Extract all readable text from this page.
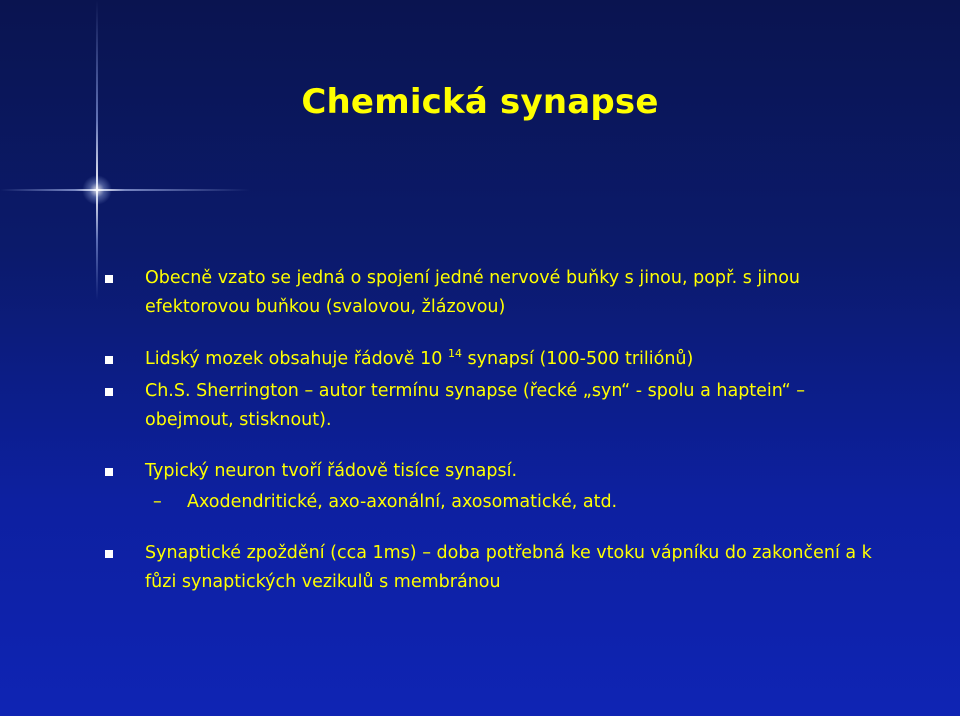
Chemická synapse
Obecně vzato se jedná o spojení jedné nervové buňky s jinou, popř. s jinou efektorovou buňkou (svalovou, žlázovou)
Lidský mozek obsahuje řádově 10 $^{14}$ synapsí (100-500 triliónů)
Ch.S. Sherrington – autor termínu synapse (řecké „syn“ - spolu a haptein“ – obejmout, stisknout).
Typický neuron tvoří řádově tisíce synapsí.
– Axodendritické, axo-axonální, axosomatické, atd.
Synaptické zpoždění (cca 1ms) – doba potřebná ke vtoku vápníku do zakončení a k fůzi synaptických vezikulů s membránou
